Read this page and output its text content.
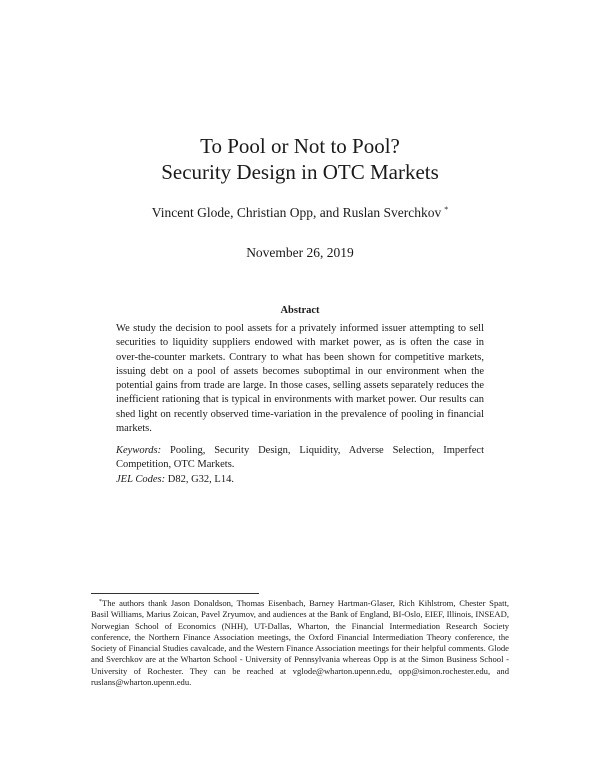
To Pool or Not to Pool?
Security Design in OTC Markets
Vincent Glode, Christian Opp, and Ruslan Sverchkov *
November 26, 2019
Abstract

We study the decision to pool assets for a privately informed issuer attempting to sell securities to liquidity suppliers endowed with market power, as is often the case in over-the-counter markets. Contrary to what has been shown for competitive markets, issuing debt on a pool of assets becomes suboptimal in our environment when the potential gains from trade are large. In those cases, selling assets separately reduces the inefficient rationing that is typical in environments with market power. Our results can shed light on recently observed time-variation in the prevalence of pooling in financial markets.

Keywords: Pooling, Security Design, Liquidity, Adverse Selection, Imperfect Competition, OTC Markets.

JEL Codes: D82, G32, L14.

*The authors thank Jason Donaldson, Thomas Eisenbach, Barney Hartman-Glaser, Rich Kihlstrom, Chester Spatt, Basil Williams, Marius Zoican, Pavel Zryumov, and audiences at the Bank of England, BI-Oslo, EIEF, Illinois, INSEAD, Norwegian School of Economics (NHH), UT-Dallas, Wharton, the Financial Intermediation Research Society conference, the Northern Finance Association meetings, the Oxford Financial Intermediation Theory conference, the Society of Financial Studies cavalcade, and the Western Finance Association meetings for their helpful comments. Glode and Sverchkov are at the Wharton School - University of Pennsylvania whereas Opp is at the Simon Business School - University of Rochester. They can be reached at vglode@wharton.upenn.edu, opp@simon.rochester.edu, and ruslans@wharton.upenn.edu.
